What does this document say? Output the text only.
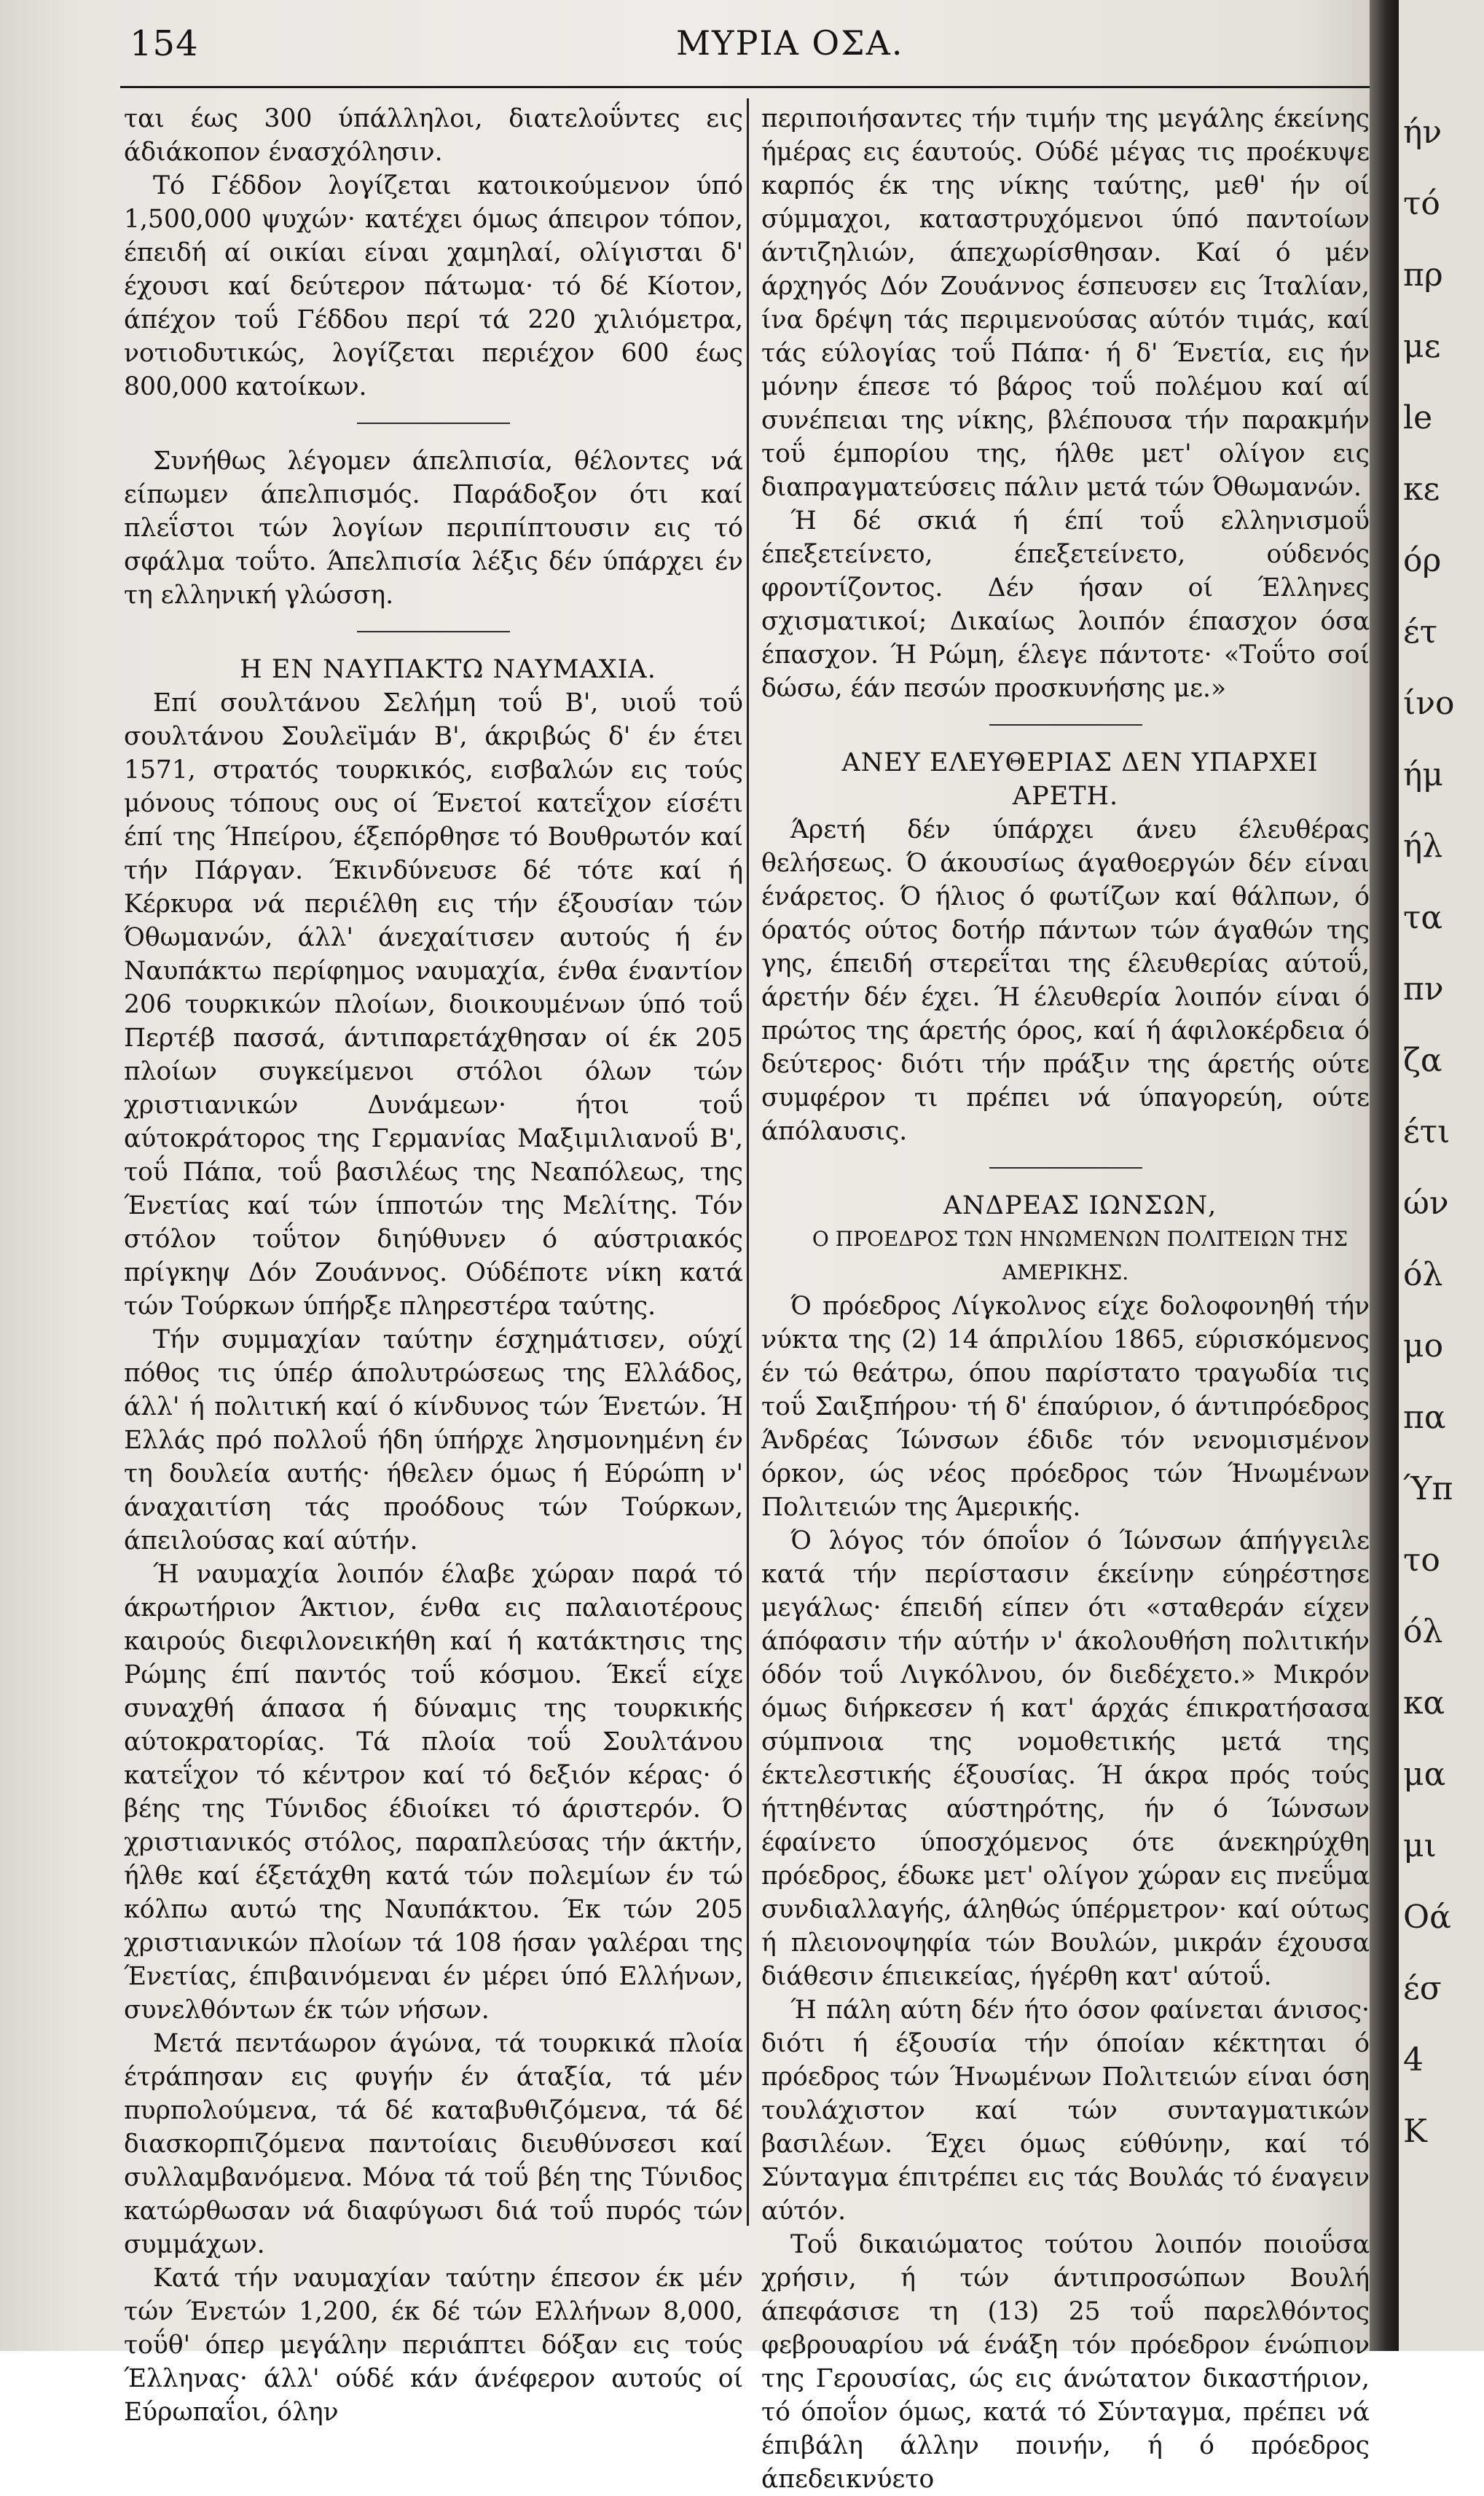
154	ΜΥΡΙΑ ΟΣΑ.

ται έως 300 ύπάλληλοι, διατελοΰντες εις άδιάκοπον ένασχόλησιν.

Τό Γέδδον λογίζεται κατοικούμενον ύπό 1,500,000 ψυχών· κατέχει όμως άπειρον τόπον, έπειδή αί οικίαι είναι χαμηλαί, ολίγισται δ' έχουσι καί δεύτερον πάτωμα· τό δέ Κίοτον, άπέχον τοΰ Γέδδου περί τά 220 χιλιόμετρα, νοτιοδυτικώς, λογίζεται περιέχον 600 έως 800,000 κατοίκων.

Συνήθως λέγομεν άπελπισία, θέλοντες νά είπωμεν άπελπισμός. Παράδοξον ότι καί πλεΐστοι τών λογίων περιπίπτουσιν εις τό σφάλμα τοΰτο. Άπελπισία λέξις δέν ύπάρχει έν τη ελληνική γλώσση.

Η ΕΝ ΝΑΥΠΑΚΤΩ ΝΑΥΜΑΧΙΑ.

Επί σουλτάνου Σελήμη τοΰ Β', υιοΰ τοΰ σουλτάνου Σουλεϊμάν Β', άκριβώς δ' έν έτει 1571, στρατός τουρκικός, εισβαλών εις τούς μόνους τόπους ους οί Ένετοί κατεΐχον είσέτι έπί της Ήπείρου, έξεπόρθησε τό Βουθρωτόν καί τήν Πάργαν. Έκινδύνευσε δέ τότε καί ή Κέρκυρα νά περιέλθη εις τήν έξουσίαν τών Όθωμανών, άλλ' άνεχαίτισεν αυτούς ή έν Ναυπάκτω περίφημος ναυμαχία, ένθα έναντίον 206 τουρκικών πλοίων, διοικουμένων ύπό τοΰ Περτέβ πασσά, άντιπαρετάχθησαν οί έκ 205 πλοίων συγκείμενοι στόλοι όλων τών χριστιανικών Δυνάμεων· ήτοι τοΰ αύτοκράτορος της Γερμανίας Μαξιμιλιανοΰ Β', τοΰ Πάπα, τοΰ βασιλέως της Νεαπόλεως, της Ένετίας καί τών ίπποτών της Μελίτης. Τόν στόλον τοΰτον διηύθυνεν ό αύστριακός πρίγκηψ Δόν Ζουάννος. Ούδέποτε νίκη κατά τών Τούρκων ύπήρξε πληρεστέρα ταύτης.

Τήν συμμαχίαν ταύτην έσχημάτισεν, ούχί πόθος τις ύπέρ άπολυτρώσεως της Ελλάδος, άλλ' ή πολιτική καί ό κίνδυνος τών Ένετών. Ή Ελλάς πρό πολλοΰ ήδη ύπήρχε λησμονημένη έν τη δουλεία αυτής· ήθελεν όμως ή Εύρώπη ν' άναχαιτίση τάς προόδους τών Τούρκων, άπειλούσας καί αύτήν.

Ή ναυμαχία λοιπόν έλαβε χώραν παρά τό άκρωτήριον Άκτιον, ένθα εις παλαιοτέρους καιρούς διεφιλονεικήθη καί ή κατάκτησις της Ρώμης έπί παντός τοΰ κόσμου. Έκεΐ είχε συναχθή άπασα ή δύναμις της τουρκικής αύτοκρατορίας. Τά πλοία τοΰ Σουλτάνου κατεΐχον τό κέντρον καί τό δεξιόν κέρας· ό βέης της Τύνιδος έδιοίκει τό άριστερόν. Ό χριστιανικός στόλος, παραπλεύσας τήν άκτήν, ήλθε καί έξετάχθη κατά τών πολεμίων έν τώ κόλπω αυτώ της Ναυπάκτου. Έκ τών 205 χριστιανικών πλοίων τά 108 ήσαν γαλέραι της Ένετίας, έπιβαινόμεναι έν μέρει ύπό Ελλήνων, συνελθόντων έκ τών νήσων.

Μετά πεντάωρον άγώνα, τά τουρκικά πλοία έτράπησαν εις φυγήν έν άταξία, τά μέν πυρπολούμενα, τά δέ καταβυθιζόμενα, τά δέ διασκορπιζόμενα παντοίαις διευθύνσεσι καί συλλαμβανόμενα. Μόνα τά τοΰ βέη της Τύνιδος κατώρθωσαν νά διαφύγωσι διά τοΰ πυρός τών συμμάχων.

Κατά τήν ναυμαχίαν ταύτην έπεσον έκ μέν τών Ένετών 1,200, έκ δέ τών Ελλήνων 8,000, τοΰθ' όπερ μεγάλην περιάπτει δόξαν εις τούς Έλληνας· άλλ' ούδέ κάν άνέφερον αυτούς οί Εύρωπαΐοι, όλην

περιποιήσαντες τήν τιμήν της μεγάλης έκείνης ήμέρας εις έαυτούς. Ούδέ μέγας τις προέκυψε καρπός έκ της νίκης ταύτης, μεθ' ήν οί σύμμαχοι, καταστρυχόμενοι ύπό παντοίων άντιζηλιών, άπεχωρίσθησαν. Καί ό μέν άρχηγός Δόν Ζουάννος έσπευσεν εις Ίταλίαν, ίνα δρέψη τάς περιμενούσας αύτόν τιμάς, καί τάς εύλογίας τοΰ Πάπα· ή δ' Ένετία, εις ήν μόνην έπεσε τό βάρος τοΰ πολέμου καί αί συνέπειαι της νίκης, βλέπουσα τήν παρακμήν τοΰ έμπορίου της, ήλθε μετ' ολίγον εις διαπραγματεύσεις πάλιν μετά τών Όθωμανών.

Ή δέ σκιά ή έπί τοΰ ελληνισμοΰ έπεξετείνετο, έπεξετείνετο, ούδενός φροντίζοντος. Δέν ήσαν οί Έλληνες σχισματικοί; Δικαίως λοιπόν έπασχον όσα έπασχον. Ή Ρώμη, έλεγε πάντοτε· «Τοΰτο σοί δώσω, έάν πεσών προσκυνήσης με.»

ΑΝΕΥ ΕΛΕΥΘΕΡΙΑΣ ΔΕΝ ΥΠΑΡΧΕΙ ΑΡΕΤΗ.

Άρετή δέν ύπάρχει άνευ έλευθέρας θελήσεως. Ό άκουσίως άγαθοεργών δέν είναι ένάρετος. Ό ήλιος ό φωτίζων καί θάλπων, ό όρατός ούτος δοτήρ πάντων τών άγαθών της γης, έπειδή στερεΐται της έλευθερίας αύτοΰ, άρετήν δέν έχει. Ή έλευθερία λοιπόν είναι ό πρώτος της άρετής όρος, καί ή άφιλοκέρδεια ό δεύτερος· διότι τήν πράξιν της άρετής ούτε συμφέρον τι πρέπει νά ύπαγορεύη, ούτε άπόλαυσις.

ΑΝΔΡΕΑΣ ΙΩΝΣΩΝ,

Ο ΠΡΟΕΔΡΟΣ ΤΩΝ ΗΝΩΜΕΝΩΝ ΠΟΛΙΤΕΙΩΝ ΤΗΣ ΑΜΕΡΙΚΗΣ.

Ό πρόεδρος Λίγκολνος είχε δολοφονηθή τήν νύκτα της (2) 14 άπριλίου 1865, εύρισκόμενος έν τώ θεάτρω, όπου παρίστατο τραγωδία τις τοΰ Σαιξπήρου· τή δ' έπαύριον, ό άντιπρόεδρος Άνδρέας Ίώνσων έδιδε τόν νενομισμένον όρκον, ώς νέος πρόεδρος τών Ήνωμένων Πολιτειών της Άμερικής.

Ό λόγος τόν όποΐον ό Ίώνσων άπήγγειλε κατά τήν περίστασιν έκείνην εύηρέστησε μεγάλως· έπειδή είπεν ότι «σταθεράν είχεν άπόφασιν τήν αύτήν ν' άκολουθήση πολιτικήν όδόν τοΰ Λιγκόλνου, όν διεδέχετο.» Μικρόν όμως διήρκεσεν ή κατ' άρχάς έπικρατήσασα σύμπνοια της νομοθετικής μετά της έκτελεστικής έξουσίας. Ή άκρα πρός τούς ήττηθέντας αύστηρότης, ήν ό Ίώνσων έφαίνετο ύποσχόμενος ότε άνεκηρύχθη πρόεδρος, έδωκε μετ' ολίγον χώραν εις πνεΰμα συνδιαλλαγής, άληθώς ύπέρμετρον· καί ούτως ή πλειονοψηφία τών Βουλών, μικράν έχουσα διάθεσιν έπιεικείας, ήγέρθη κατ' αύτοΰ.

Ή πάλη αύτη δέν ήτο όσον φαίνεται άνισος· διότι ή έξουσία τήν όποίαν κέκτηται ό πρόεδρος τών Ήνωμένων Πολιτειών είναι όση τουλάχιστον καί τών συνταγματικών βασιλέων. Έχει όμως εύθύνην, καί τό Σύνταγμα έπιτρέπει εις τάς Βουλάς τό έναγειν αύτόν.

Τοΰ δικαιώματος τούτου λοιπόν ποιοΰσα χρήσιν, ή τών άντιπροσώπων Βουλή άπεφάσισε τη (13) 25 τοΰ παρελθόντος φεβρουαρίου νά ένάξη τόν πρόεδρον ένώπιον της Γερουσίας, ώς εις άνώτατον δικαστήριον, τό όποΐον όμως, κατά τό Σύνταγμα, πρέπει νά έπιβάλη άλλην ποινήν, ή ό πρόεδρος άπεδεικνύετο

ήν
τό
πρ
με
le
κε
όρ
έτ
ίνο
ήμ
ήλ
τα
πν
ζα
έτι
ών
όλ
μο
πα
Ύπ
το
όλ
κα
μα
μι
Οά
έσ
4
Κ
